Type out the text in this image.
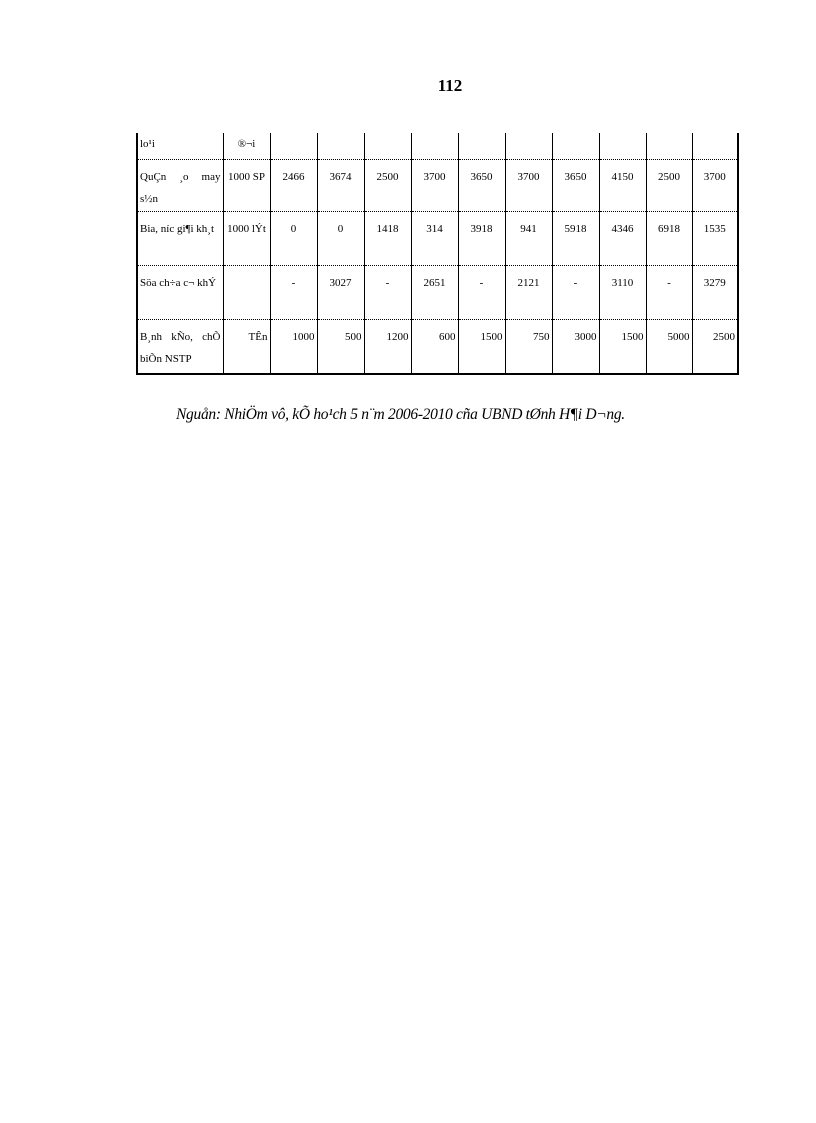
112
lo¹i	®¬i										
QuÇn ¸o may s½n	1000 SP	2466	3674	2500	3700	3650	3700	3650	4150	2500	3700
Bia, níc gi¶i kh¸t	1000 lÝt	0	0	1418	314	3918	941	5918	4346	6918	1535
Söa ch÷a c¬ khÝ		-	3027	-	2651	-	2121	-	3110	-	3279
B¸nh kÑo, chÕ biÕn NSTP	TÊn	1000	500	1200	600	1500	750	3000	1500	5000	2500
Nguån: NhiÖm vô, kÕ ho¹ch 5 n¨m 2006-2010 cña UBND tØnh H¶i D¬ng.
